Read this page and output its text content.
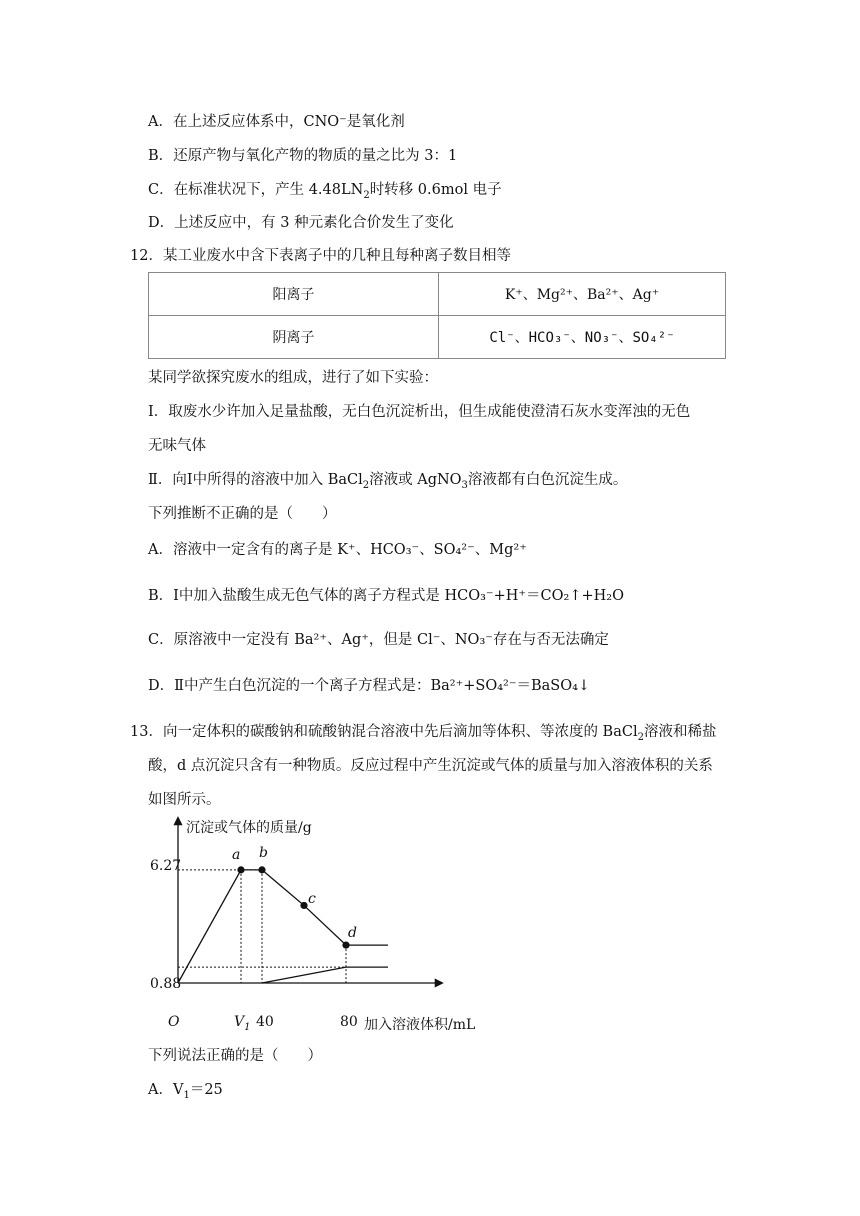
A．在上述反应体系中，CNO⁻是氧化剂
B．还原产物与氧化产物的物质的量之比为 3：1
C．在标准状况下，产生 $4.48LN_2$时转移 0.6mol 电子
D．上述反应中，有 3 种元素化合价发生了变化
12．某工业废水中含下表离子中的几种且每种离子数目相等
阳离子	K⁺、Mg²⁺、Ba²⁺、Ag⁺
阴离子	Cl⁻、HCO₃⁻、NO₃⁻、SO₄²⁻
某同学欲探究废水的组成，进行了如下实验：
Ⅰ．取废水少许加入足量盐酸，无白色沉淀析出，但生成能使澄清石灰水变浑浊的无色
无味气体
Ⅱ．向Ⅰ中所得的溶液中加入 BaCl$_2$溶液或 AgNO$_3$溶液都有白色沉淀生成。
下列推断不正确的是（　　）
A．溶液中一定含有的离子是 K⁺、HCO₃⁻、SO₄²⁻、Mg²⁺
B．Ⅰ中加入盐酸生成无色气体的离子方程式是 HCO₃⁻+H⁺＝CO₂↑+H₂O
C．原溶液中一定没有 Ba²⁺、Ag⁺，但是 Cl⁻、NO₃⁻存在与否无法确定
D．Ⅱ中产生白色沉淀的一个离子方程式是：Ba²⁺+SO₄²⁻＝BaSO₄↓
13．向一定体积的碳酸钠和硫酸钠混合溶液中先后滴加等体积、等浓度的 BaCl$_2$溶液和稀盐
酸，d 点沉淀只含有一种物质。反应过程中产生沉淀或气体的质量与加入溶液体积的关系
如图所示。
沉淀或气体的质量/g
加入溶液体积/mL
O
6.27
0.88
$V_1$ 40	80
a b
c
d
下列说法正确的是（　　）
A．$V_1=25$
